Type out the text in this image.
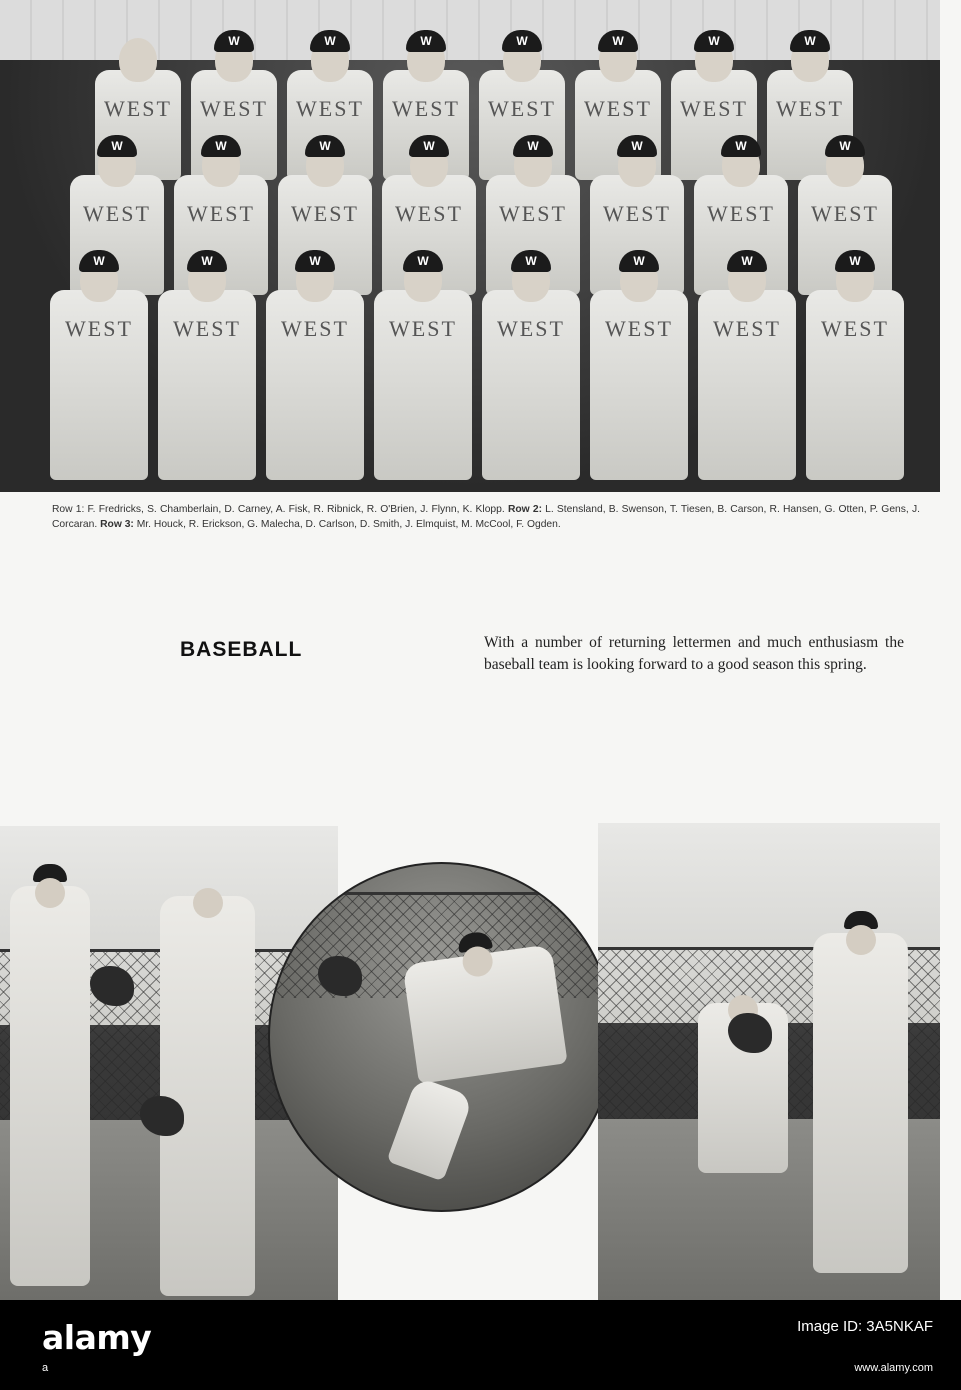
WEST
W
WEST
W
WEST
W
WEST
W
WEST
W
WEST
W
WEST
W
WEST
W
WEST
W
WEST
W
WEST
W
WEST
W
WEST
W
WEST
W
WEST
W
WEST
W
WEST
W
WEST
W
WEST
W
WEST
W
WEST
W
WEST
W
WEST
W
WEST
Row 1: F. Fredricks, S. Chamberlain, D. Carney, A. Fisk, R. Ribnick, R. O'Brien, J. Flynn, K. Klopp. Row 2: L. Stensland, B. Swenson, T. Tiesen, B. Carson, R. Hansen, G. Otten, P. Gens, J. Corcaran. Row 3: Mr. Houck, R. Erickson, G. Malecha, D. Carlson, D. Smith, J. Elmquist, M. McCool, F. Ogden.
BASEBALL	With a number of returning lettermen and much enthusiasm the baseball team is looking forward to a good season this spring.
alamy
a
Image ID: 3A5NKAF
www.alamy.com
